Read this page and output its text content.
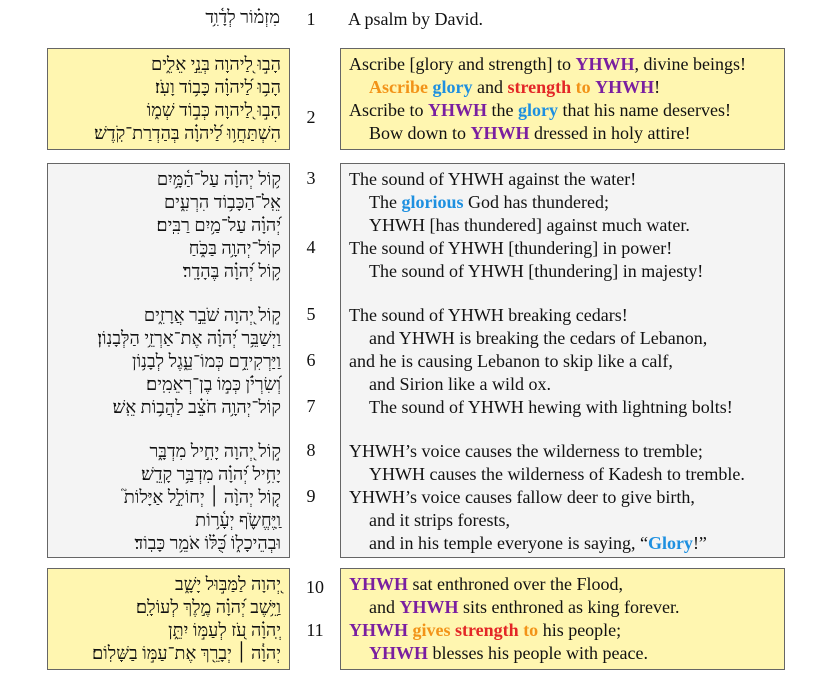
מִזְמ֗וֹר לְדָ֫וִ֥ד	1	A psalm by David.
הָב֣וּ לַ֭יהוָה בְּנֵ֣י אֵלִ֑ים
הָב֥וּ לַ֝יהוָ֗ה כָּב֥וֹד וָעֹֽז׃
הָב֣וּ לַ֭יהוָה כְּב֣וֹד שְׁמ֑וֹ
הִשְׁתַּחֲו֥וּ לַ֝יהוָ֗ה בְּהַדְרַת־קֹֽדֶשׁ׃
2
Ascribe [glory and strength] to YHWH, divine beings!
Ascribe glory and strength to YHWH!
Ascribe to YHWH the glory that his name deserves!
Bow down to YHWH dressed in holy attire!
ק֥וֹל יְהוָ֗ה עַל־הַ֫מָּ֥יִם
אֵֽל־הַכָּב֥וֹד הִרְעִ֑ים
יְ֝הוָ֗ה עַל־מַ֥יִם רַבִּֽים׃
קוֹל־יְהוָ֥ה בַּכֹּ֑חַ
ק֥וֹל יְ֝הוָ֗ה בֶּהָדָֽר׃
ק֣וֹל יְ֭הוָה שֹׁבֵ֣ר אֲרָזִ֑ים
וַיְשַׁבֵּ֥ר יְ֝הוָ֗ה אֶת־אַרְזֵ֥י הַלְּבָנֽוֹן׃
וַיַּרְקִידֵ֥ם כְּמוֹ־עֵ֑גֶל לְבָנ֥וֹן
וְ֝שִׂרְיֹ֗ן כְּמ֣וֹ בֶן־רְאֵמִֽים׃
קוֹל־יְהוָ֥ה חֹצֵ֗ב לַהֲב֥וֹת אֵֽשׁ׃
ק֣וֹל יְ֭הוָה יָחִ֣יל מִדְבָּ֑ר
יָחִ֥יל יְ֝הוָ֗ה מִדְבַּ֥ר קָדֵֽשׁ׃
ק֤וֹל יְהוָ֨ה ׀ יְחוֹלֵ֣ל אַיָּלוֹת֮
וַֽיֶּחֱשֹׂ֪ף יְעָ֫ר֥וֹת
וּבְהֵיכָל֑וֹ כֻּ֝לּ֗וֹ אֹמֵ֥ר כָּבֽוֹד׃
3
4
5
6
7
8
9
The sound of YHWH against the water!
The glorious God has thundered;
YHWH [has thundered] against much water.
The sound of YHWH [thundering] in power!
The sound of YHWH [thundering] in majesty!
The sound of YHWH breaking cedars!
and YHWH is breaking the cedars of Lebanon,
and he is causing Lebanon to skip like a calf,
and Sirion like a wild ox.
The sound of YHWH hewing with lightning bolts!
YHWH’s voice causes the wilderness to tremble;
YHWH causes the wilderness of Kadesh to tremble.
YHWH’s voice causes fallow deer to give birth,
and it strips forests,
and in his temple everyone is saying, “Glory!”
יְ֭הוָה לַמַּבּ֣וּל יָשָׁ֑ב
וַיֵּ֥שֶׁב יְ֝הוָ֗ה מֶ֣לֶךְ לְעוֹלָֽם׃
יְֽהוָ֗ה עֹ֭ז לְעַמּ֣וֹ יִתֵּ֑ן
יְהוָ֓ה ׀ יְבָרֵ֖ךְ אֶת־עַמּ֣וֹ בַשָּׁלֽוֹם׃
10
11
YHWH sat enthroned over the Flood,
and YHWH sits enthroned as king forever.
YHWH gives strength to his people;
YHWH blesses his people with peace.
